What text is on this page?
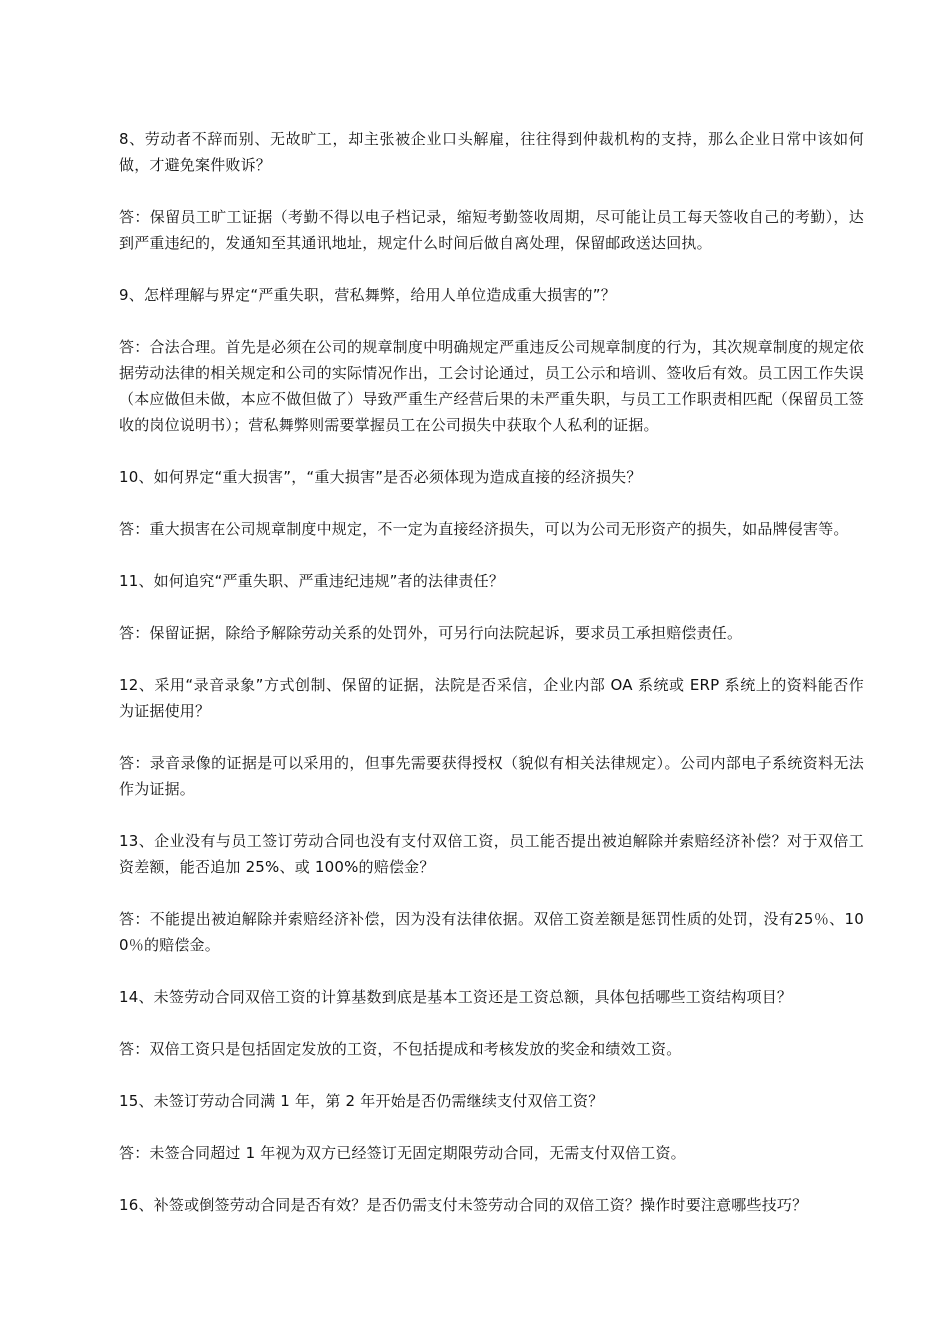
8、劳动者不辞而别、无故旷工，却主张被企业口头解雇，往往得到仲裁机构的支持，那么企业日常中该如何做，才避免案件败诉？

答：保留员工旷工证据（考勤不得以电子档记录，缩短考勤签收周期，尽可能让员工每天签收自己的考勤），达到严重违纪的，发通知至其通讯地址，规定什么时间后做自离处理，保留邮政送达回执。

9、怎样理解与界定“严重失职，营私舞弊，给用人单位造成重大损害的”？

答：合法合理。首先是必须在公司的规章制度中明确规定严重违反公司规章制度的行为，其次规章制度的规定依据劳动法律的相关规定和公司的实际情况作出，工会讨论通过，员工公示和培训、签收后有效。员工因工作失误（本应做但未做，本应不做但做了）导致严重生产经营后果的未严重失职，与员工工作职责相匹配（保留员工签收的岗位说明书）；营私舞弊则需要掌握员工在公司损失中获取个人私利的证据。

10、如何界定“重大损害”，“重大损害”是否必须体现为造成直接的经济损失？

答：重大损害在公司规章制度中规定，不一定为直接经济损失，可以为公司无形资产的损失，如品牌侵害等。

11、如何追究“严重失职、严重违纪违规”者的法律责任？

答：保留证据，除给予解除劳动关系的处罚外，可另行向法院起诉，要求员工承担赔偿责任。

12、采用“录音录象”方式创制、保留的证据，法院是否采信，企业内部 OA 系统或 ERP 系统上的资料能否作为证据使用？

答：录音录像的证据是可以采用的，但事先需要获得授权（貌似有相关法律规定）。公司内部电子系统资料无法作为证据。

13、企业没有与员工签订劳动合同也没有支付双倍工资，员工能否提出被迫解除并索赔经济补偿？对于双倍工资差额，能否追加 25%、或 100%的赔偿金？

答：不能提出被迫解除并索赔经济补偿，因为没有法律依据。双倍工资差额是惩罚性质的处罚，没有25％、100％的赔偿金。

14、未签劳动合同双倍工资的计算基数到底是基本工资还是工资总额，具体包括哪些工资结构项目？

答：双倍工资只是包括固定发放的工资，不包括提成和考核发放的奖金和绩效工资。

15、未签订劳动合同满 1 年，第 2 年开始是否仍需继续支付双倍工资？

答：未签合同超过 1 年视为双方已经签订无固定期限劳动合同，无需支付双倍工资。

16、补签或倒签劳动合同是否有效？是否仍需支付未签劳动合同的双倍工资？操作时要注意哪些技巧？
